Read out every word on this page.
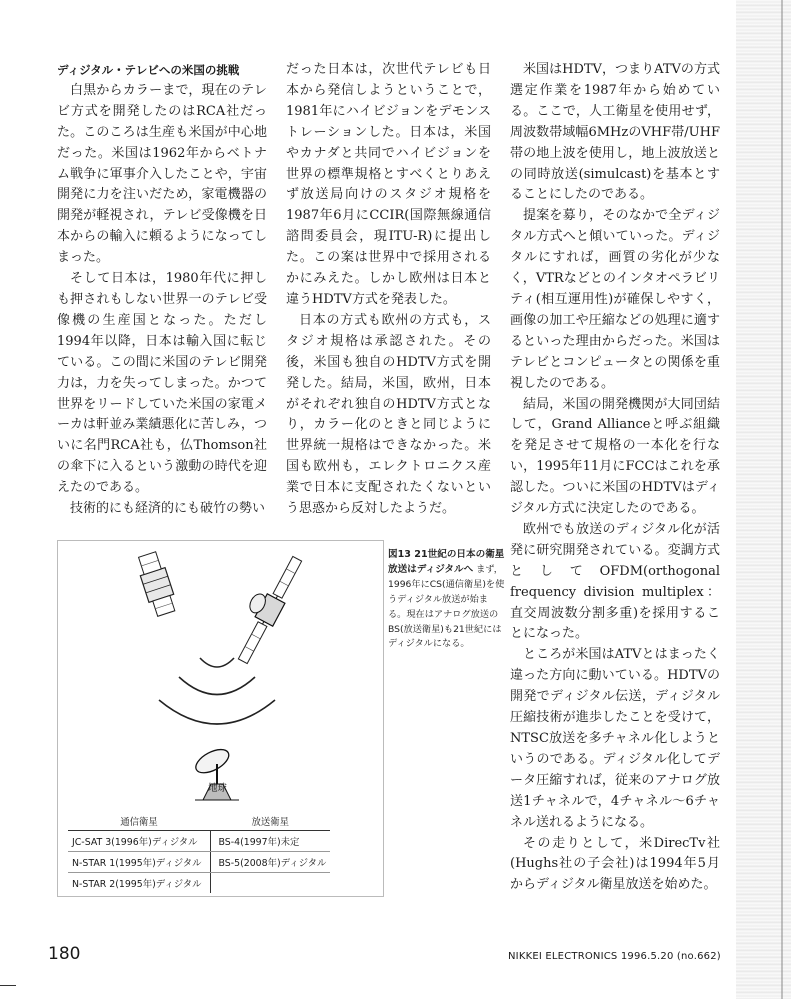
ディジタル・テレビへの米国の挑戦

白黒からカラーまで，現在のテレビ方式を開発したのはRCA社だった。このころは生産も米国が中心地だった。米国は1962年からベトナム戦争に軍事介入したことや，宇宙開発に力を注いだため，家電機器の開発が軽視され，テレビ受像機を日本からの輸入に頼るようになってしまった。

そして日本は，1980年代に押しも押されもしない世界一のテレビ受像機の生産国となった。ただし1994年以降，日本は輸入国に転じている。この間に米国のテレビ開発力は，力を失ってしまった。かつて世界をリードしていた米国の家電メーカは軒並み業績悪化に苦しみ，ついに名門RCA社も，仏Thomson社の傘下に入るという激動の時代を迎えたのである。

技術的にも経済的にも破竹の勢い

だった日本は，次世代テレビも日本から発信しようということで，1981年にハイビジョンをデモンストレーションした。日本は，米国やカナダと共同でハイビジョンを世界の標準規格とすべくとりあえず放送局向けのスタジオ規格を1987年6月にCCIR(国際無線通信諮問委員会，現ITU-R)に提出した。この案は世界中で採用されるかにみえた。しかし欧州は日本と違うHDTV方式を発表した。

日本の方式も欧州の方式も，スタジオ規格は承認された。その後，米国も独自のHDTV方式を開発した。結局，米国，欧州，日本がそれぞれ独自のHDTV方式となり，カラー化のときと同じように世界統一規格はできなかった。米国も欧州も，エレクトロニクス産業で日本に支配されたくないという思惑から反対したようだ。

米国はHDTV，つまりATVの方式選定作業を1987年から始めている。ここで，人工衛星を使用せず，周波数帯域幅6MHzのVHF帯/UHF帯の地上波を使用し，地上波放送との同時放送(simulcast)を基本とすることにしたのである。

提案を募り，そのなかで全ディジタル方式へと傾いていった。ディジタルにすれば，画質の劣化が少なく，VTRなどとのインタオペラビリティ(相互運用性)が確保しやすく，画像の加工や圧縮などの処理に適するといった理由からだった。米国はテレビとコンピュータとの関係を重視したのである。

結局，米国の開発機関が大同団結して，Grand Allianceと呼ぶ組織を発足させて規格の一本化を行ない，1995年11月にFCCはこれを承認した。ついに米国のHDTVはディジタル方式に決定したのである。

欧州でも放送のディジタル化が活発に研究開発されている。変調方式としてOFDM(orthogonal frequency division multiplex：直交周波数分割多重)を採用することになった。

ところが米国はATVとはまったく違った方向に動いている。HDTVの開発でディジタル伝送，ディジタル圧縮技術が進歩したことを受けて，NTSC放送を多チャネル化しようというのである。ディジタル化してデータ圧縮すれば，従来のアナログ放送1チャネルで，4チャネル～6チャネル送れるようになる。

その走りとして，米DirecTv社(Hughs社の子会社)は1994年5月からディジタル衛星放送を始めた。

地球
通信衛星	放送衛星
JC-SAT 3(1996年)ディジタル	BS-4(1997年)未定
N-STAR 1(1995年)ディジタル	BS-5(2008年)ディジタル
N-STAR 2(1995年)ディジタル	
図13 21世紀の日本の衛星放送はディジタルへ まず，1996年にCS(通信衛星)を使うディジタル放送が始まる。現在はアナログ放送のBS(放送衛星)も21世紀にはディジタルになる。
180	NIKKEI ELECTRONICS 1996.5.20 (no.662)
